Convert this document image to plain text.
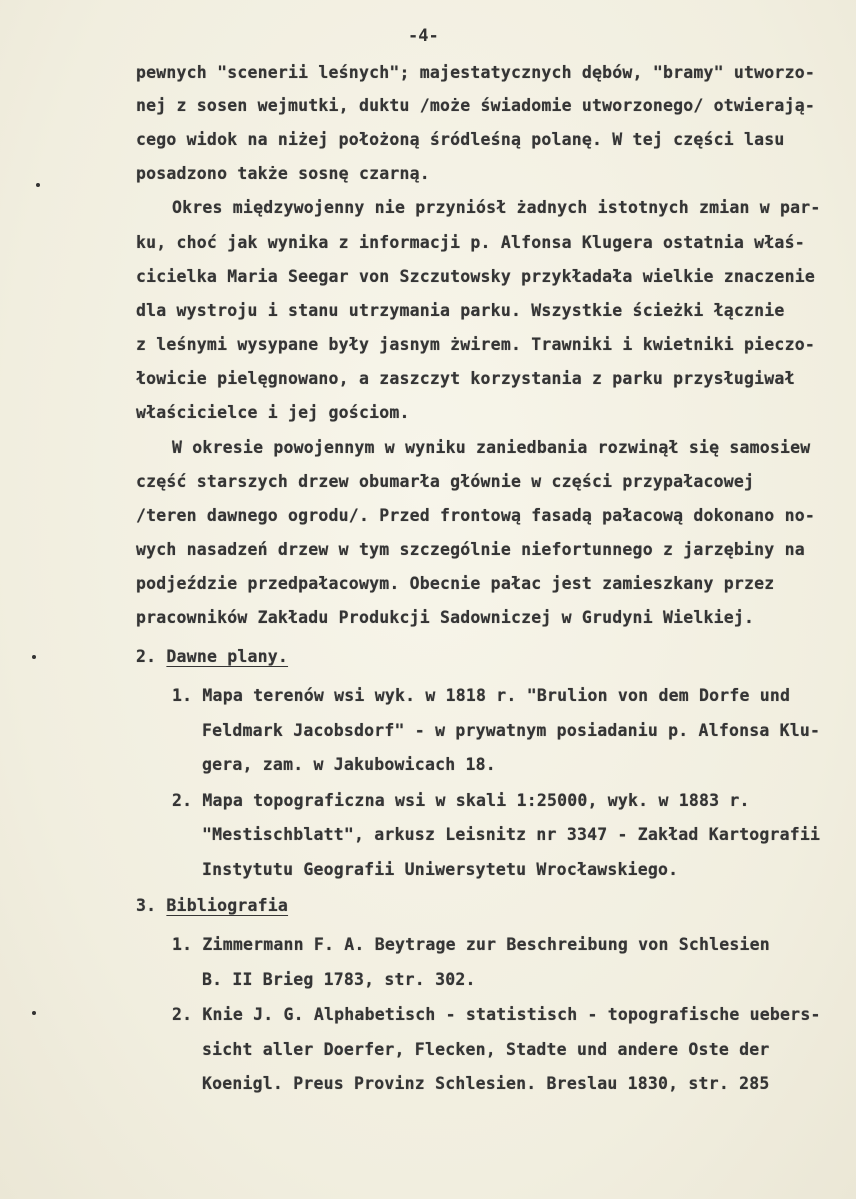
-4-
pewnych "scenerii leśnych"; majestatycznych dębów, "bramy" utworzo-
nej z sosen wejmutki, duktu /może świadomie utworzonego/ otwierają-
cego widok na niżej położoną śródleśną polanę. W tej części lasu
posadzono także sosnę czarną.
Okres międzywojenny nie przyniósł żadnych istotnych zmian w par-
ku, choć jak wynika z informacji p. Alfonsa Klugera ostatnia właś-
cicielka Maria Seegar von Szczutowsky przykładała wielkie znaczenie
dla wystroju i stanu utrzymania parku. Wszystkie ścieżki łącznie
z leśnymi wysypane były jasnym żwirem. Trawniki i kwietniki pieczo-
łowicie pielęgnowano, a zaszczyt korzystania z parku przysługiwał
właścicielce i jej gościom.
W okresie powojennym w wyniku zaniedbania rozwinął się samosiew
część starszych drzew obumarła głównie w części przypałacowej
/teren dawnego ogrodu/. Przed frontową fasadą pałacową dokonano no-
wych nasadzeń drzew w tym szczególnie niefortunnego z jarzębiny na
podjeździe przedpałacowym. Obecnie pałac jest zamieszkany przez
pracowników Zakładu Produkcji Sadowniczej w Grudyni Wielkiej.
2. Dawne plany.
1. Mapa terenów wsi wyk. w 1818 r. "Brulion von dem Dorfe und
Feldmark Jacobsdorf" - w prywatnym posiadaniu p. Alfonsa Klu-
gera, zam. w Jakubowicach 18.
2. Mapa topograficzna wsi w skali 1:25000, wyk. w 1883 r.
"Mestischblatt", arkusz Leisnitz nr 3347 - Zakład Kartografii
Instytutu Geografii Uniwersytetu Wrocławskiego.
3. Bibliografia
1. Zimmermann F. A. Beytrage zur Beschreibung von Schlesien
B. II Brieg 1783, str. 302.
2. Knie J. G. Alphabetisch - statistisch - topografische uebers-
sicht aller Doerfer, Flecken, Stadte und andere Oste der
Koenigl. Preus Provinz Schlesien. Breslau 1830, str. 285
